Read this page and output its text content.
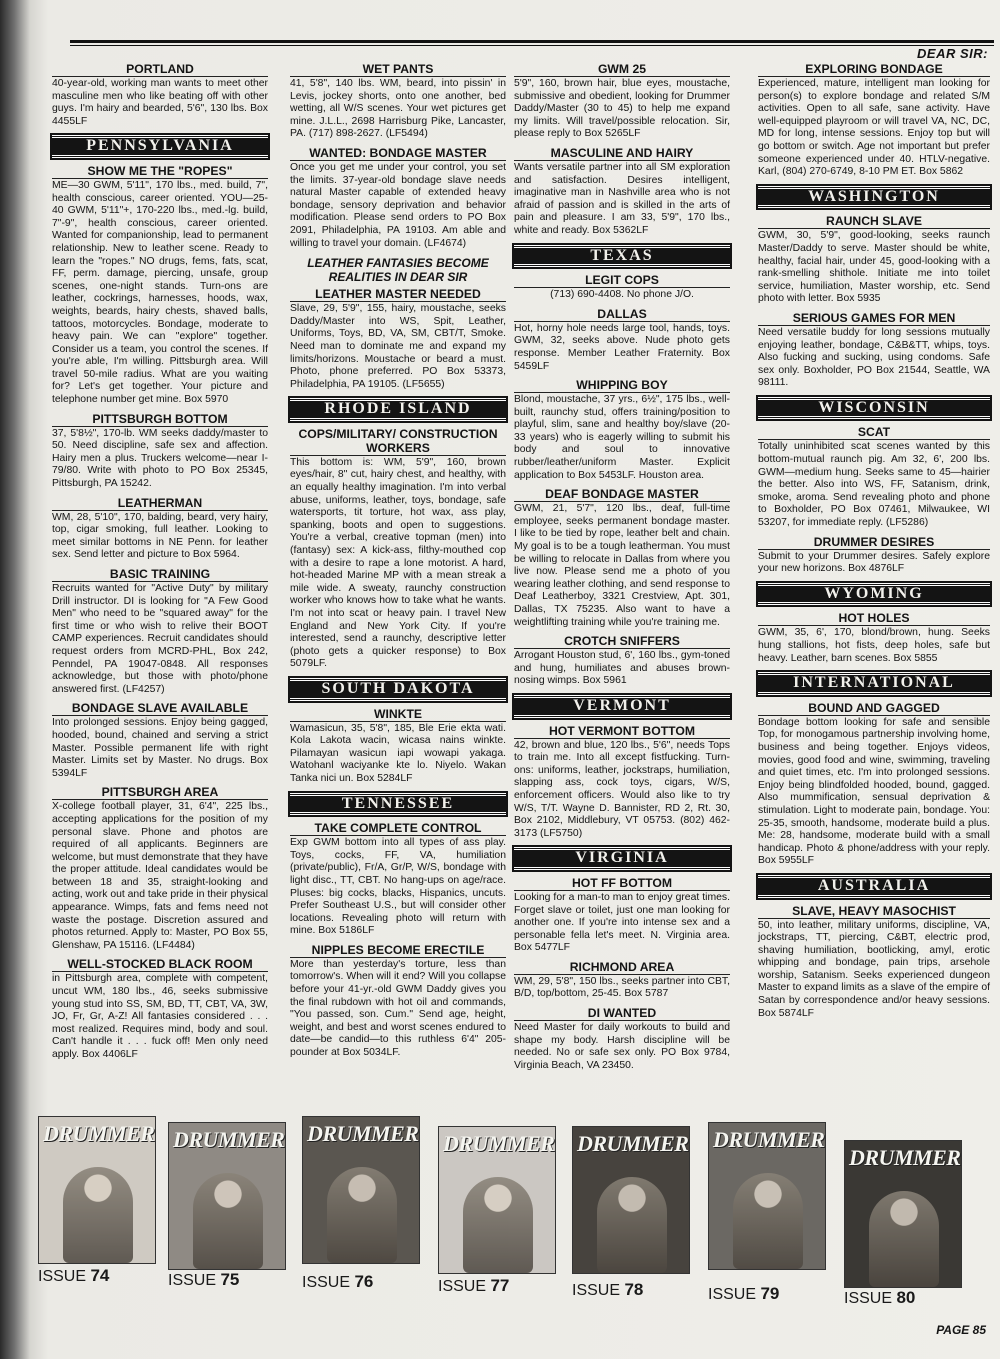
DEAR SIR:
PORTLAND
40-year-old, working man wants to meet other masculine men who like beating off with other guys. I'm hairy and bearded, 5'6", 130 lbs. Box 4455LF
PENNSYLVANIA
SHOW ME THE "ROPES"
ME—30 GWM, 5'11", 170 lbs., med. build, 7", health conscious, career oriented. YOU—25-40 GWM, 5'11"+, 170-220 lbs., med.-lg. build, 7"-9", health conscious, career oriented. Wanted for companionship, lead to permanent relationship. New to leather scene. Ready to learn the "ropes." NO drugs, fems, fats, scat, FF, perm. damage, piercing, unsafe, group scenes, one-night stands. Turn-ons are leather, cockrings, harnesses, hoods, wax, weights, beards, hairy chests, shaved balls, tattoos, motorcycles. Bondage, moderate to heavy pain. We can "explore" together. Consider us a team, you control the scenes. If you're able, I'm willing. Pittsburgh area. Will travel 50-mile radius. What are you waiting for? Let's get together. Your picture and telephone number get mine. Box 5970
PITTSBURGH BOTTOM
37, 5'8½", 170-lb. WM seeks daddy/master to 50. Need discipline, safe sex and affection. Hairy men a plus. Truckers welcome—near I-79/80. Write with photo to PO Box 25345, Pittsburgh, PA 15242.
LEATHERMAN
WM, 28, 5'10", 170, balding, beard, very hairy, top, cigar smoking, full leather. Looking to meet similar bottoms in NE Penn. for leather sex. Send letter and picture to Box 5964.
BASIC TRAINING
Recruits wanted for "Active Duty" by military Drill instructor. DI is looking for "A Few Good Men" who need to be "squared away" for the first time or who wish to relive their BOOT CAMP experiences. Recruit candidates should request orders from MCRD-PHL, Box 242, Penndel, PA 19047-0848. All responses acknowledge, but those with photo/phone answered first. (LF4257)
BONDAGE SLAVE AVAILABLE
Into prolonged sessions. Enjoy being gagged, hooded, bound, chained and serving a strict Master. Possible permanent life with right Master. Limits set by Master. No drugs. Box 5394LF
PITTSBURGH AREA
X-college football player, 31, 6'4", 225 lbs., accepting applications for the position of my personal slave. Phone and photos are required of all applicants. Beginners are welcome, but must demonstrate that they have the proper attitude. Ideal candidates would be between 18 and 35, straight-looking and acting, work out and take pride in their physical appearance. Wimps, fats and fems need not waste the postage. Discretion assured and photos returned. Apply to: Master, PO Box 55, Glenshaw, PA 15116. (LF4484)
WELL-STOCKED BLACK ROOM
in Pittsburgh area, complete with competent, uncut WM, 180 lbs., 46, seeks submissive young stud into SS, SM, BD, TT, CBT, VA, 3W, JO, Fr, Gr, A-Z! All fantasies considered . . . most realized. Requires mind, body and soul. Can't handle it . . . fuck off! Men only need apply. Box 4406LF
WET PANTS
41, 5'8", 140 lbs. WM, beard, into pissin' in Levis, jockey shorts, onto one another, bed wetting, all W/S scenes. Your wet pictures get mine. J.L.L., 2698 Harrisburg Pike, Lancaster, PA. (717) 898-2627. (LF5494)
WANTED: BONDAGE MASTER
Once you get me under your control, you set the limits. 37-year-old bondage slave needs natural Master capable of extended heavy bondage, sensory deprivation and behavior modification. Please send orders to PO Box 2091, Philadelphia, PA 19103. Am able and willing to travel your domain. (LF4674)
LEATHER FANTASIES BECOME REALITIES IN DEAR SIR
LEATHER MASTER NEEDED
Slave, 29, 5'9", 155, hairy, moustache, seeks Daddy/Master into WS, Spit, Leather, Uniforms, Toys, BD, VA, SM, CBT/T, Smoke. Need man to dominate me and expand my limits/horizons. Moustache or beard a must. Photo, phone preferred. PO Box 53373, Philadelphia, PA 19105. (LF5655)
RHODE ISLAND
COPS/MILITARY/ CONSTRUCTION WORKERS
This bottom is: WM, 5'9", 160, brown eyes/hair, 8" cut, hairy chest, and healthy, with an equally healthy imagination. I'm into verbal abuse, uniforms, leather, toys, bondage, safe watersports, tit torture, hot wax, ass play, spanking, boots and open to suggestions. You're a verbal, creative topman (men) into (fantasy) sex: A kick-ass, filthy-mouthed cop with a desire to rape a lone motorist. A hard, hot-headed Marine MP with a mean streak a mile wide. A sweaty, raunchy construction worker who knows how to take what he wants. I'm not into scat or heavy pain. I travel New England and New York City. If you're interested, send a raunchy, descriptive letter (photo gets a quicker response) to Box 5079LF.
SOUTH DAKOTA
WINKTE
Wamasicun, 35, 5'8", 185, Ble Erie ekta wati. Kola Lakota wacin, wicasa nains winkte. Pilamayan wasicun iapi wowapi yakaga. Watohanl waciyanke kte lo. Niyelo. Wakan Tanka nici un. Box 5284LF
TENNESSEE
TAKE COMPLETE CONTROL
Exp GWM bottom into all types of ass play. Toys, cocks, FF, VA, humiliation (private/public), Fr/A, Gr/P, W/S, bondage with light disc., TT, CBT. No hang-ups on age/race. Pluses: big cocks, blacks, Hispanics, uncuts. Prefer Southeast U.S., but will consider other locations. Revealing photo will return with mine. Box 5186LF
NIPPLES BECOME ERECTILE
More than yesterday's torture, less than tomorrow's. When will it end? Will you collapse before your 41-yr.-old GWM Daddy gives you the final rubdown with hot oil and commands, "You passed, son. Cum." Send age, height, weight, and best and worst scenes endured to date—be candid—to this ruthless 6'4" 205-pounder at Box 5034LF.
GWM 25
5'9", 160, brown hair, blue eyes, moustache, submissive and obedient, looking for Drummer Daddy/Master (30 to 45) to help me expand my limits. Will travel/possible relocation. Sir, please reply to Box 5265LF
MASCULINE AND HAIRY
Wants versatile partner into all SM exploration and satisfaction. Desires intelligent, imaginative man in Nashville area who is not afraid of passion and is skilled in the arts of pain and pleasure. I am 33, 5'9", 170 lbs., white and ready. Box 5362LF
TEXAS
LEGIT COPS
(713) 690-4408. No phone J/O.
DALLAS
Hot, horny hole needs large tool, hands, toys. GWM, 32, seeks above. Nude photo gets response. Member Leather Fraternity. Box 5459LF
WHIPPING BOY
Blond, moustache, 37 yrs., 6½", 175 lbs., well-built, raunchy stud, offers training/position to playful, slim, sane and healthy boy/slave (20-33 years) who is eagerly willing to submit his body and soul to innovative rubber/leather/uniform Master. Explicit application to Box 5453LF. Houston area.
DEAF BONDAGE MASTER
GWM, 21, 5'7", 120 lbs., deaf, full-time employee, seeks permanent bondage master. I like to be tied by rope, leather belt and chain. My goal is to be a tough leatherman. You must be willing to relocate in Dallas from where you live now. Please send me a photo of you wearing leather clothing, and send response to Deaf Leatherboy, 3321 Crestview, Apt. 301, Dallas, TX 75235. Also want to have a weightlifting training while you're training me.
CROTCH SNIFFERS
Arrogant Houston stud, 6', 160 lbs., gym-toned and hung, humiliates and abuses brown-nosing wimps. Box 5961
VERMONT
HOT VERMONT BOTTOM
42, brown and blue, 120 lbs., 5'6", needs Tops to train me. Into all except fistfucking. Turn-ons: uniforms, leather, jockstraps, humiliation, slapping ass, cock toys, cigars, W/S, enforcement officers. Would also like to try W/S, T/T. Wayne D. Bannister, RD 2, Rt. 30, Box 2102, Middlebury, VT 05753. (802) 462-3173 (LF5750)
VIRGINIA
HOT FF BOTTOM
Looking for a man-to man to enjoy great times. Forget slave or toilet, just one man looking for another one. If you're into intense sex and a personable fella let's meet. N. Virginia area. Box 5477LF
RICHMOND AREA
WM, 29, 5'8", 150 lbs., seeks partner into CBT, B/D, top/bottom, 25-45. Box 5787
DI WANTED
Need Master for daily workouts to build and shape my body. Harsh discipline will be needed. No or safe sex only. PO Box 9784, Virginia Beach, VA 23450.
EXPLORING BONDAGE
Experienced, mature, intelligent man looking for person(s) to explore bondage and related S/M activities. Open to all safe, sane activity. Have well-equipped playroom or will travel VA, NC, DC, MD for long, intense sessions. Enjoy top but will go bottom or switch. Age not important but prefer someone experienced under 40. HTLV-negative. Karl, (804) 270-6749, 8-10 PM ET. Box 5862
WASHINGTON
RAUNCH SLAVE
GWM, 30, 5'9", good-looking, seeks raunch Master/Daddy to serve. Master should be white, healthy, facial hair, under 45, good-looking with a rank-smelling shithole. Initiate me into toilet service, humiliation, Master worship, etc. Send photo with letter. Box 5935
SERIOUS GAMES FOR MEN
Need versatile buddy for long sessions mutually enjoying leather, bondage, C&B&TT, whips, toys. Also fucking and sucking, using condoms. Safe sex only. Boxholder, PO Box 21544, Seattle, WA 98111.
WISCONSIN
SCAT
Totally uninhibited scat scenes wanted by this bottom-mutual raunch pig. Am 32, 6', 200 lbs. GWM—medium hung. Seeks same to 45—hairier the better. Also into WS, FF, Satanism, drink, smoke, aroma. Send revealing photo and phone to Boxholder, PO Box 07461, Milwaukee, WI 53207, for immediate reply. (LF5286)
DRUMMER DESIRES
Submit to your Drummer desires. Safely explore your new horizons. Box 4876LF
WYOMING
HOT HOLES
GWM, 35, 6', 170, blond/brown, hung. Seeks hung stallions, hot fists, deep holes, safe but heavy. Leather, barn scenes. Box 5855
INTERNATIONAL
BOUND AND GAGGED
Bondage bottom looking for safe and sensible Top, for monogamous partnership involving home, business and being together. Enjoys videos, movies, good food and wine, swimming, traveling and quiet times, etc. I'm into prolonged sessions. Enjoy being blindfolded hooded, bound, gagged. Also mummification, sensual deprivation & stimulation. Light to moderate pain, bondage. You: 25-35, smooth, handsome, moderate build a plus. Me: 28, handsome, moderate build with a small handicap. Photo & phone/address with your reply. Box 5955LF
AUSTRALIA
SLAVE, HEAVY MASOCHIST
50, into leather, military uniforms, discipline, VA, jockstraps, TT, piercing, C&BT, electric prod, shaving humiliation, bootlicking, amyl, erotic whipping and bondage, pain trips, arsehole worship, Satanism. Seeks experienced dungeon Master to expand limits as a slave of the empire of Satan by correspondence and/or heavy sessions. Box 5874LF
DRUMMER
ISSUE 74
DRUMMER
ISSUE 75
DRUMMER
ISSUE 76
DRUMMER
ISSUE 77
DRUMMER
ISSUE 78
DRUMMER
ISSUE 79
DRUMMER
ISSUE 80
PAGE 85
